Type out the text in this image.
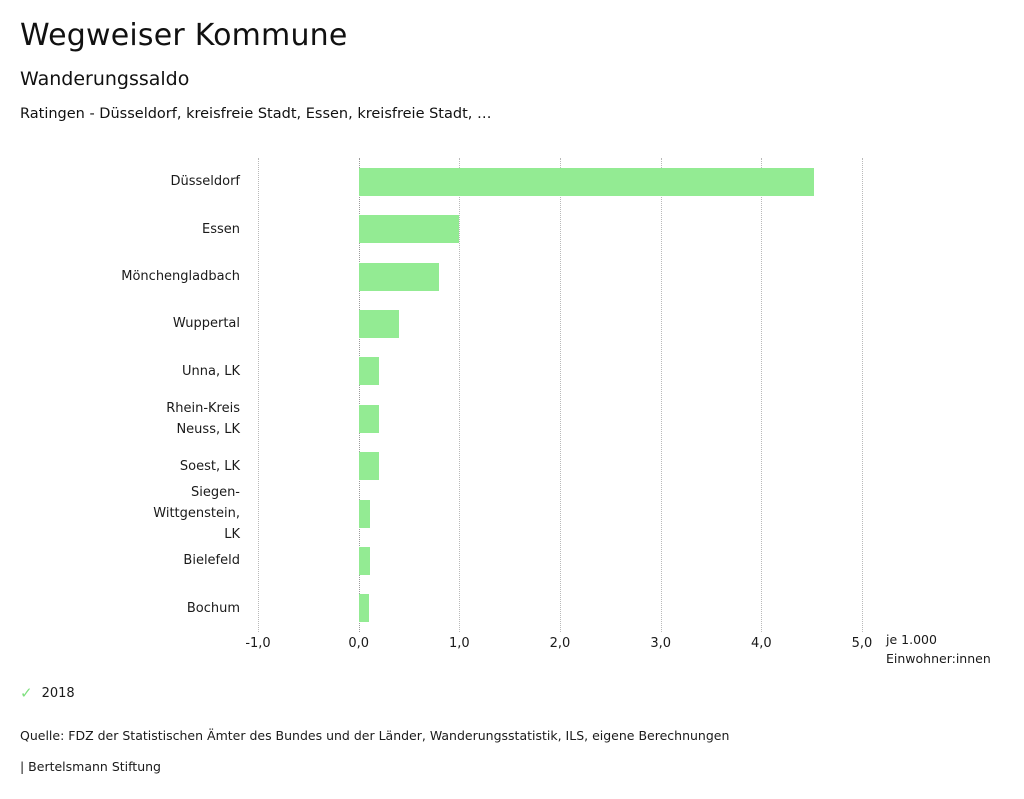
Wegweiser Kommune
Wanderungssaldo
Ratingen - Düsseldorf, kreisfreie Stadt, Essen, kreisfreie Stadt, …
Düsseldorf
Essen
Mönchengladbach
Wuppertal
Unna, LK
Rhein-Kreis
Neuss, LK
Soest, LK
Siegen-
Wittgenstein,
LK
Bielefeld
Bochum
-1,0	0,0	1,0	2,0	3,0	4,0	5,0 je 1.000
Einwohner:innen
✓ 2018
Quelle: FDZ der Statistischen Ämter des Bundes und der Länder, Wanderungsstatistik, ILS, eigene Berechnungen
| Bertelsmann Stiftung
